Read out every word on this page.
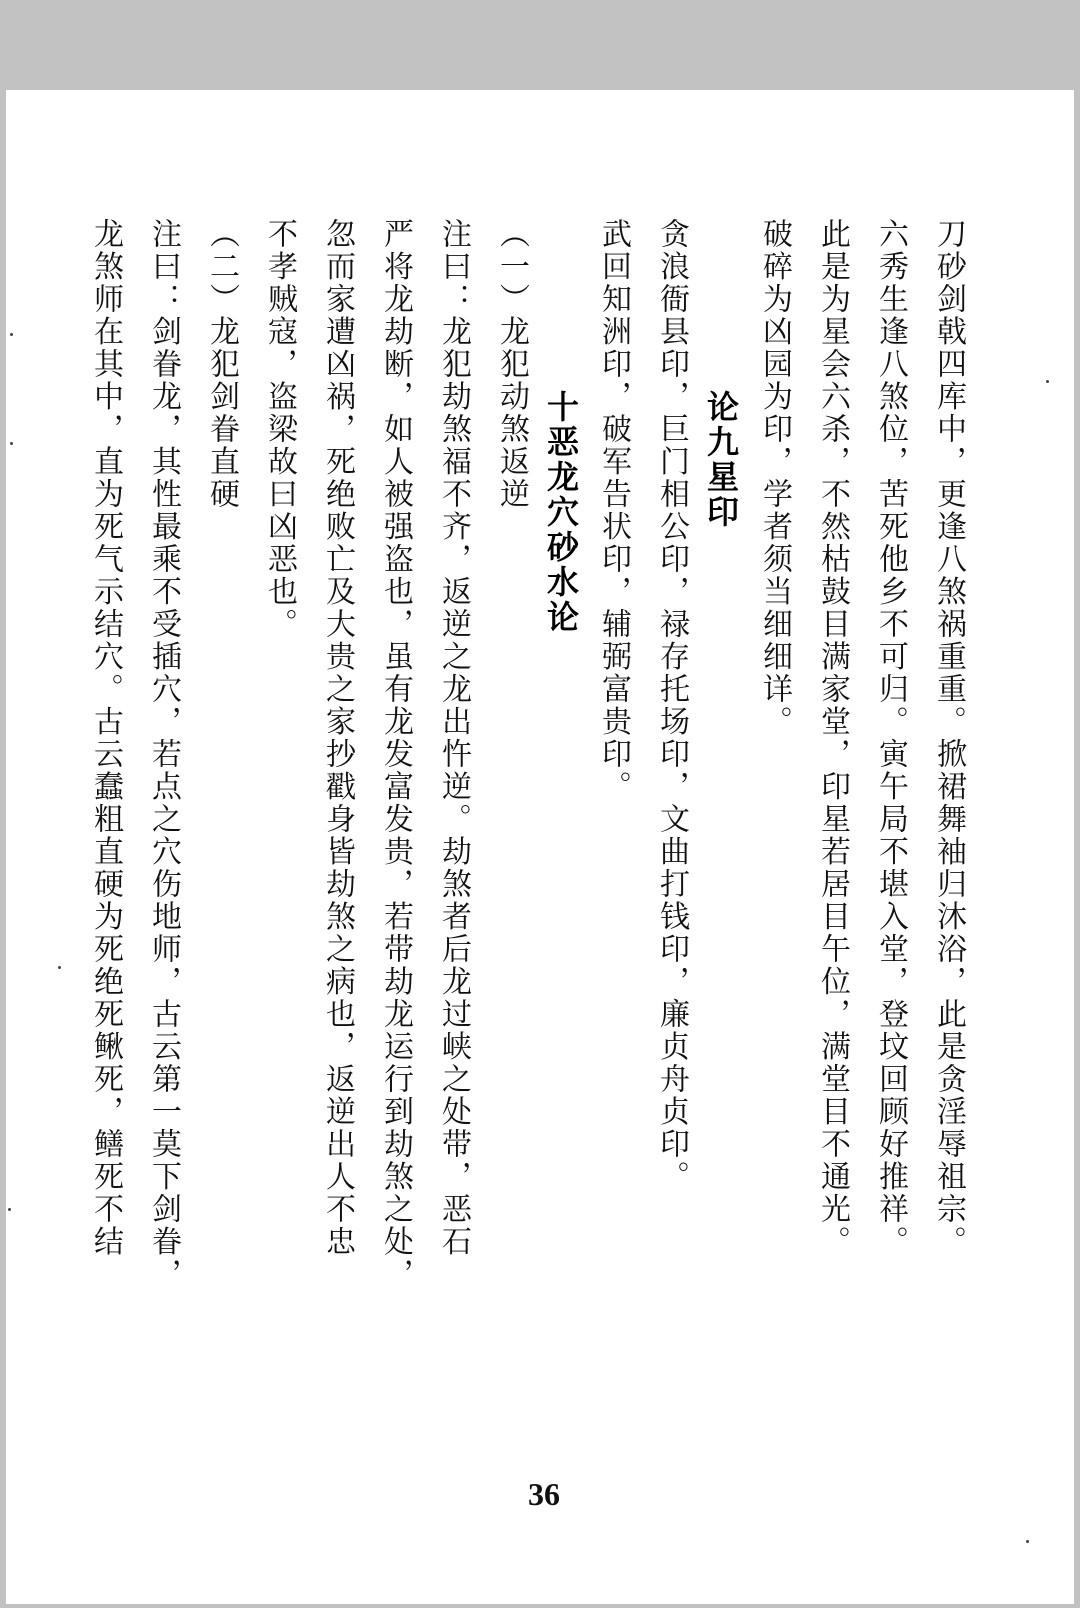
刀砂剑戟四库中，更逢八煞祸重重。掀裙舞袖归沐浴，此是贪淫辱祖宗。
六秀生逢八煞位，苦死他乡不可归。寅午局不堪入堂，登坟回顾好推祥。
此是为星会六杀，不然枯鼓目满家堂，印星若居目午位，满堂目不通光。
破碎为凶园为印，学者须当细细详。
论九星印
贪浪衙县印，巨门相公印，禄存托场印，文曲打钱印，廉贞舟贞印。
武回知洲印，破军告状印，辅弼富贵印。
十恶龙穴砂水论
（一）龙犯动煞返逆
注曰：龙犯劫煞福不齐，返逆之龙出忤逆。劫煞者后龙过峡之处带，恶石
严将龙劫断，如人被强盗也，虽有龙发富发贵，若带劫龙运行到劫煞之处，
忽而家遭凶祸，死绝败亡及大贵之家抄戳身皆劫煞之病也，返逆出人不忠
不孝贼寇，盗梁故曰凶恶也。
（二）龙犯剑眷直硬
注曰：剑眷龙，其性最乘不受插穴，若点之穴伤地师，古云第一莫下剑眷，
龙煞师在其中，直为死气示结穴。古云蠢粗直硬为死绝死鳅死，鳝死不结
36
